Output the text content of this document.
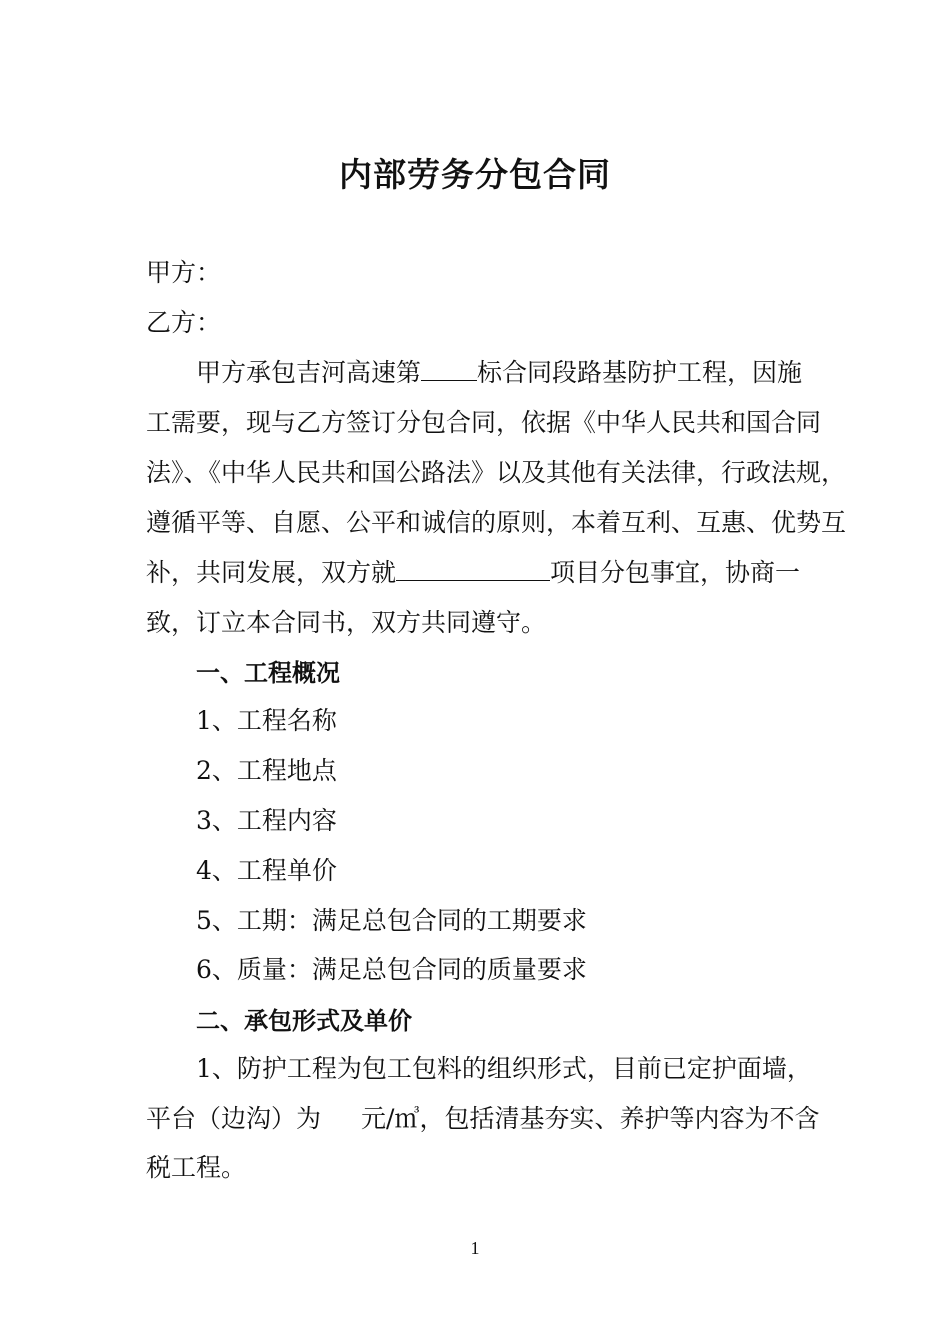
内部劳务分包合同
甲方：
乙方：
甲方承包吉河高速第 标合同段路基防护工程，因施
工需要，现与乙方签订分包合同，依据《中华人民共和国合同
法》、《中华人民共和国公路法》以及其他有关法律，行政法规，
遵循平等、自愿、公平和诚信的原则，本着互利、互惠、优势互
补，共同发展，双方就	项目分包事宜，协商一
致，订立本合同书，双方共同遵守。
一、工程概况
1、工程名称
2、工程地点
3、工程内容
4、工程单价
5、工期：满足总包合同的工期要求
6、质量：满足总包合同的质量要求
二、承包形式及单价
1、防护工程为包工包料的组织形式，目前已定护面墙，
平台（边沟）为 元/㎥，包括清基夯实、养护等内容为不含
税工程。
1
